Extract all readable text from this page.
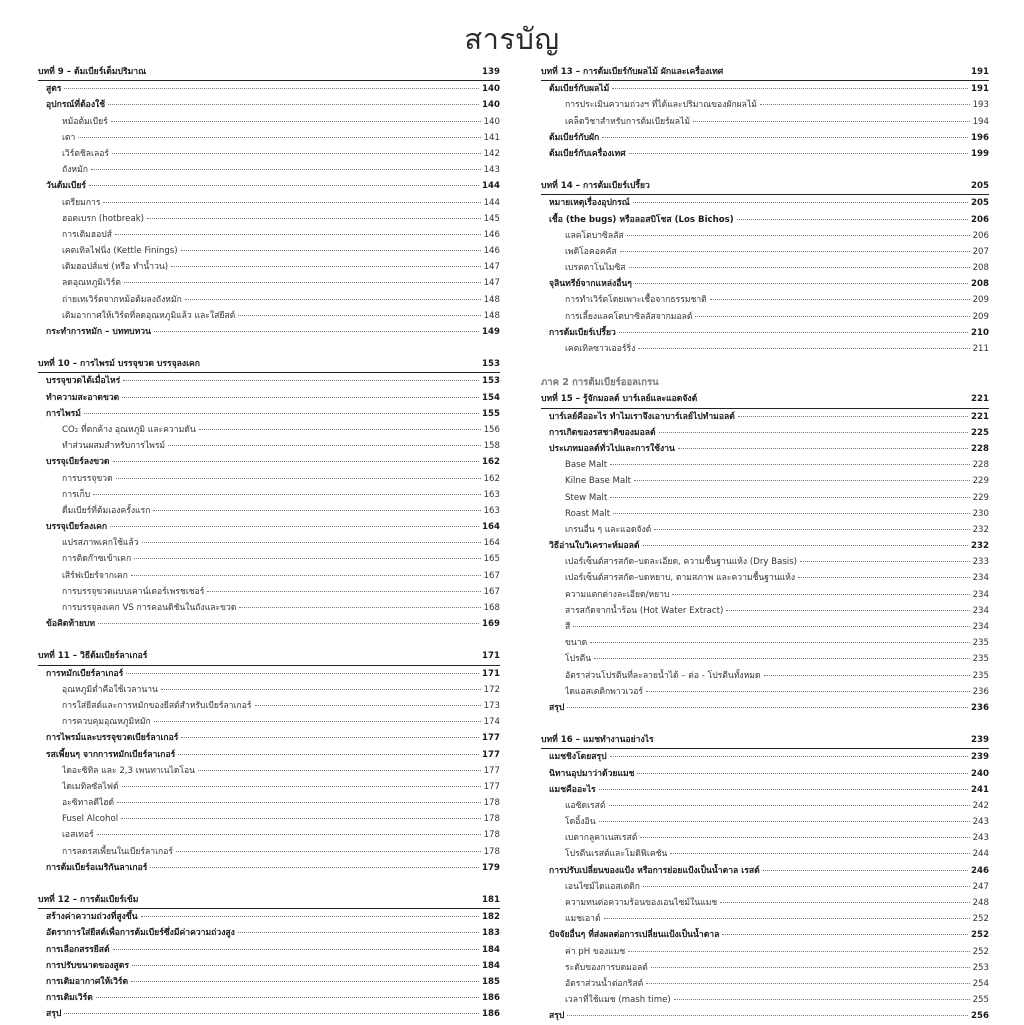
สารบัญ
บทที่ 9 – ต้มเบียร์เต็มปริมาณ	139
สูตร	140
อุปกรณ์ที่ต้องใช้	140
หม้อต้มเบียร์	140
เตา	141
เวิร์ตชิลเลอร์	142
ถังหมัก	143
วันต้มเบียร์	144
เตรียมการ	144
ฮอตเบรก (hotbreak)	145
การเติมฮอปส์	146
เคตเทิลไฟนิ่ง (Kettle Finings)	146
เติมฮอปส์แช่ (หรือ ทำน้ำวน)	147
ลดอุณหภูมิเวิร์ต	147
ถ่ายเทเวิร์ตจากหม้อต้มลงถังหมัก	148
เติมอากาศให้เวิร์ตที่ลดอุณหภูมิแล้ว และใส่ยีสต์	148
กระทำการหมัก – บททบทวน	149
บทที่ 10 – การไพรม์ บรรจุขวด บรรจุลงเคก	153
บรรจุขวดได้เมื่อไหร่	153
ทำความสะอาดขวด	154
การไพรม์	155
CO₂ ที่ตกค้าง อุณหภูมิ และความดัน	156
ทำส่วนผสมสำหรับการไพรม์	158
บรรจุเบียร์ลงขวด	162
การบรรจุขวด	162
การเก็บ	163
ดื่มเบียร์ที่ต้มเองครั้งแรก	163
บรรจุเบียร์ลงเคก	164
แปรสภาพเคกใช้แล้ว	164
การติดก๊าซเข้าเคก	165
เสิร์ฟเบียร์จากเคก	167
การบรรจุขวดแบบเคาน์เตอร์เพรชเชอร์	167
การบรรจุลงเคก VS การคอนดิชันในถังและขวด	168
ข้อคิดท้ายบท	169
บทที่ 11 – วิธีต้มเบียร์ลาเกอร์	171
การหมักเบียร์ลาเกอร์	171
อุณหภูมิต่ำคือใช้เวลานาน	172
การใส่ยีสต์และการหมักของยีสต์สำหรับเบียร์ลาเกอร์	173
การควบคุมอุณหภูมิหมัก	174
การไพรม์และบรรจุขวดเบียร์ลาเกอร์	177
รสเพี้ยนๆ จากการหมักเบียร์ลาเกอร์	177
ไดอะซิทิล และ 2,3 เพนทาเนไดโอน	177
ไดเมทิลซัลไฟด์	177
อะซิทาลดีไฮด์	178
Fusel Alcohol	178
เอสเทอร์	178
การลดรสเพี้ยนในเบียร์ลาเกอร์	178
การต้มเบียร์อเมริกันลาเกอร์	179
บทที่ 12 – การต้มเบียร์เข้ม	181
สร้างค่าความถ่วงที่สูงขึ้น	182
อัตราการใส่ยีสต์เพื่อการต้มเบียร์ซึ่งมีค่าความถ่วงสูง	183
การเลือกสรรยีสต์	184
การปรับขนาดของสูตร	184
การเติมอากาศให้เวิร์ต	185
การเติมเวิร์ต	186
สรุป	186
บทที่ 13 – การต้มเบียร์กับผลไม้ ผักและเครื่องเทศ	191
ต้มเบียร์กับผลไม้	191
การประเมินความถ่วงฯ ที่ได้และปริมาณของผักผลไม้	193
เคล็ดวิชาสำหรับการต้มเบียร์ผลไม้	194
ต้มเบียร์กับผัก	196
ต้มเบียร์กับเครื่องเทศ	199
บทที่ 14 – การต้มเบียร์เปรี้ยว	205
หมายเหตุเรื่องอุปกรณ์	205
เชื้อ (the bugs) หรือลอสบิโชส (Los Bichos)	206
แลคโตบาซิลลัส	206
เพดิโอคอคคัส	207
เบรตตาโนไมซิส	208
จุลินทรีย์จากแหล่งอื่นๆ	208
การทำเวิร์ตโดยเพาะเชื้อจากธรรมชาติ	209
การเลี้ยงแลคโตบาซิลลัสจากมอลต์	209
การต้มเบียร์เปรี้ยว	210
เคตเทิลซาวเออร์ริ่ง	211
ภาค 2 การต้มเบียร์ออลเกรน
บทที่ 15 – รู้จักมอลต์ บาร์เลย์และแอดจังต์	221
บาร์เลย์คืออะไร ทำไมเราจึงเอาบาร์เลย์ไปทำมอลต์	221
การเกิดของรสชาติของมอลต์	225
ประเภทมอลต์ทั่วไปและการใช้งาน	228
Base Malt	228
Kilne Base Malt	229
Stew Malt	229
Roast Malt	230
เกรนอื่น ๆ และแอดจังต์	232
วิธีอ่านใบวิเคราะห์มอลต์	232
เปอร์เซ็นต์สารสกัด–บดละเอียด, ความชื้นฐานแห้ง (Dry Basis)	233
เปอร์เซ็นต์สารสกัด–บดหยาบ, ตามสภาพ และความชื้นฐานแห้ง	234
ความแตกต่างละเอียด/หยาบ	234
สารสกัดจากน้ำร้อน (Hot Water Extract)	234
สี	234
ขนาด	235
โปรตีน	235
อัตราส่วนโปรตีนที่ละลายน้ำได้ – ต่อ - โปรตีนทั้งหมด	235
ไดแอสเตติกพาวเวอร์	236
สรุป	236
บทที่ 16 – แมชทำงานอย่างไร	239
แมชชิงโดยสรุป	239
นิทานอุปมาว่าด้วยแมช	240
แมชคืออะไร	241
แอซิดเรสต์	242
โดอิ้งอิน	243
เบตากลูคาเนสเรสต์	243
โปรตีนเรสต์และโมดิฟิเคชัน	244
การปรับเปลี่ยนของแป้ง หรือการย่อยแป้งเป็นน้ำตาล เรสต์	246
เอนไซม์ไดแอสเตติก	247
ความทนต่อความร้อนของเอนไซม์ในแมช	248
แมชเอาต์	252
ปัจจัยอื่นๆ ที่ส่งผลต่อการเปลี่ยนแป้งเป็นน้ำตาล	252
ค่า pH ของแมช	252
ระดับของการบดมอลต์	253
อัตราส่วนน้ำต่อกริสต์	254
เวลาที่ใช้แมช (mash time)	255
สรุป	256
